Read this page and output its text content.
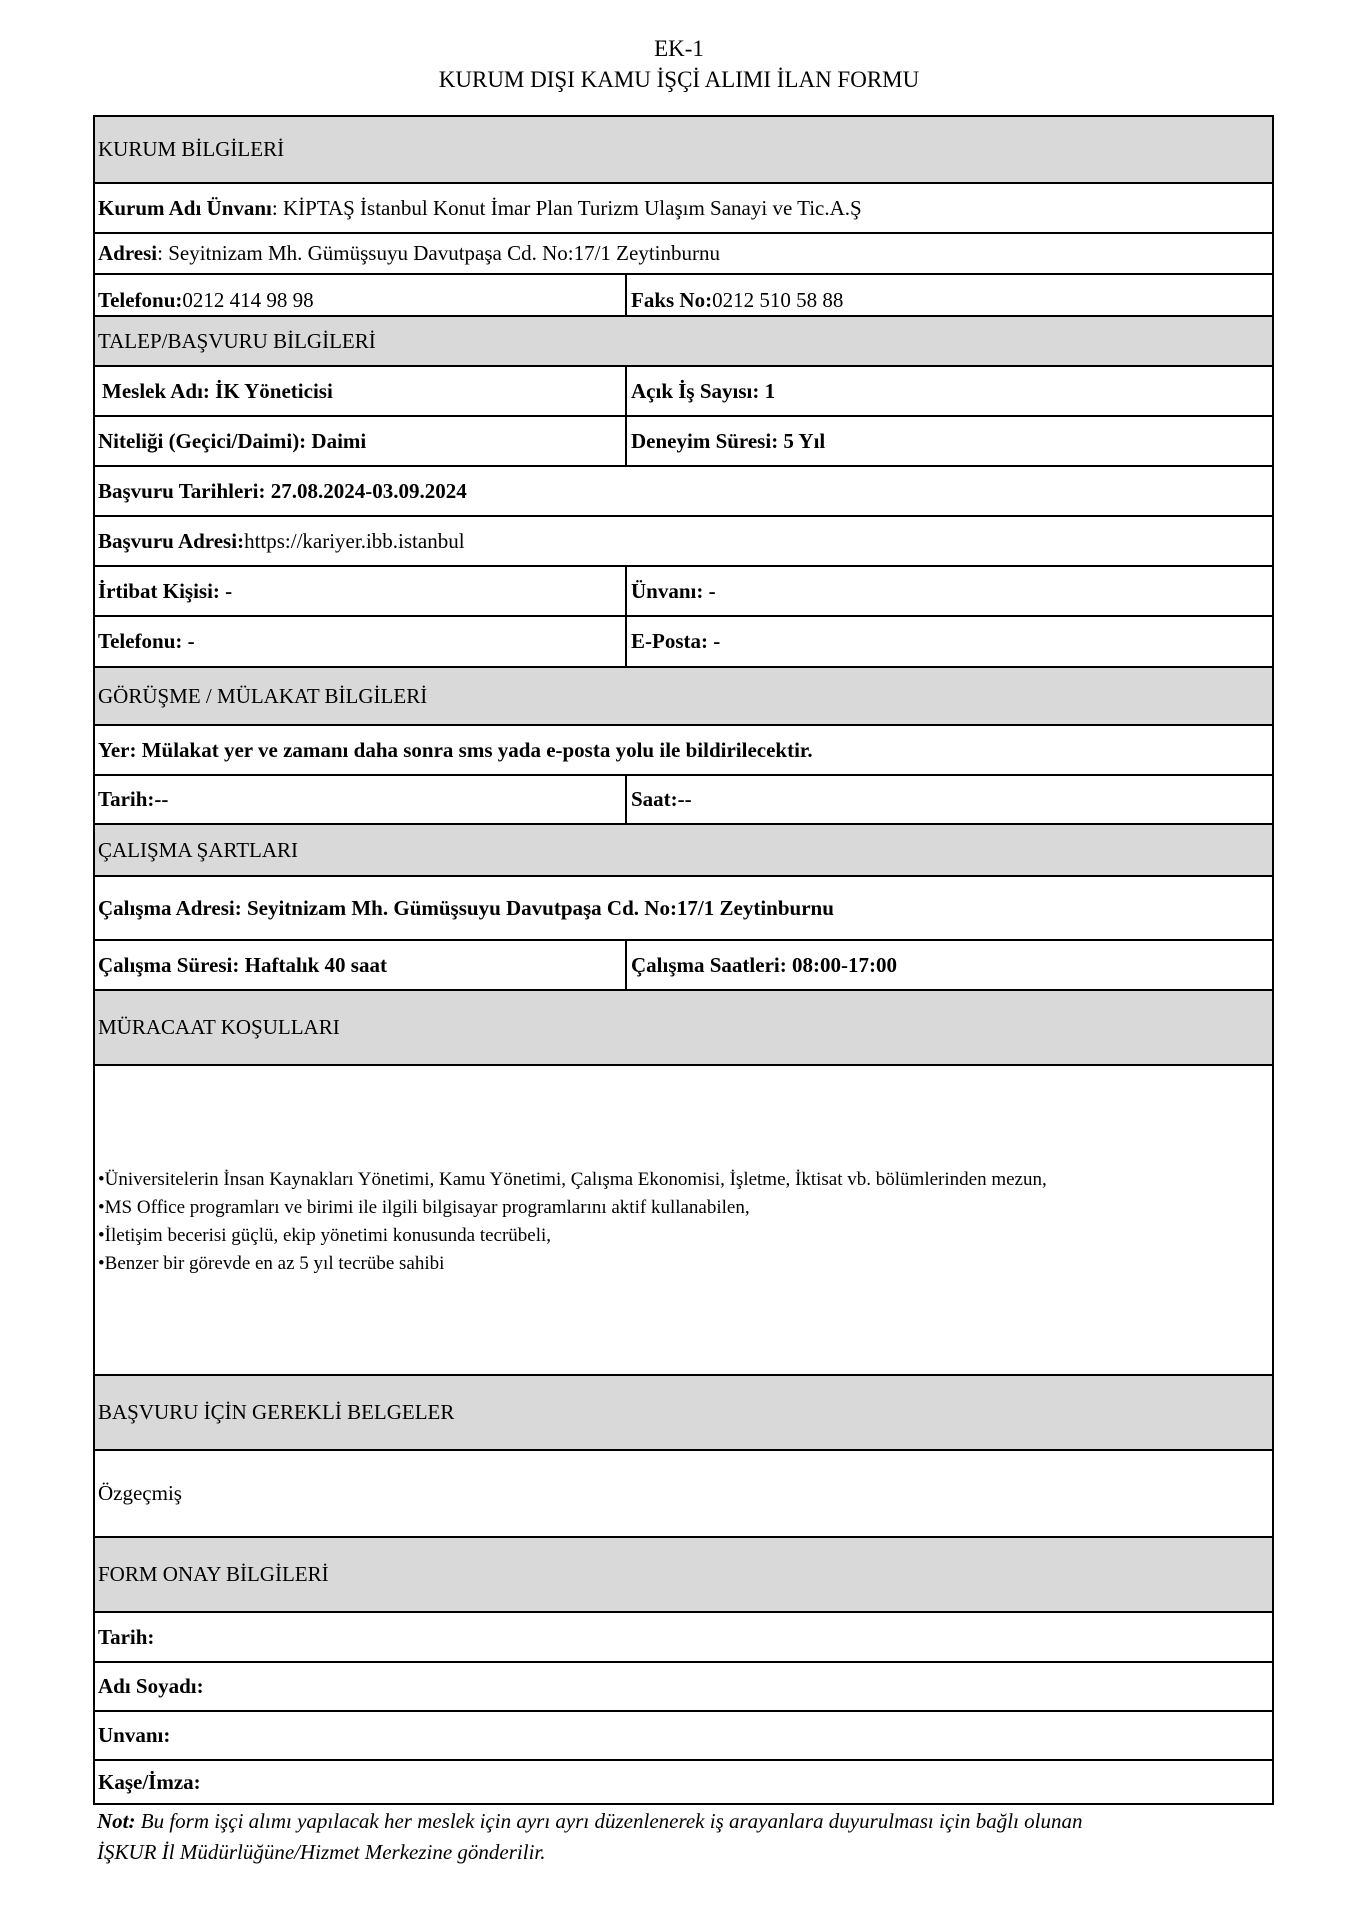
EK-1
KURUM DIŞI KAMU İŞÇİ ALIMI İLAN FORMU
KURUM BİLGİLERİ
Kurum Adı Ünvanı : KİPTAŞ İstanbul Konut İmar Plan Turizm Ulaşım Sanayi ve Tic.A.Ş
Adresi : Seyitnizam Mh. Gümüşsuyu Davutpaşa Cd. No:17/1 Zeytinburnu
Telefonu: 0212 414 98 98	Faks No: 0212 510 58 88
TALEP/BAŞVURU BİLGİLERİ
Meslek Adı: İK Yöneticisi	Açık İş Sayısı: 1
Niteliği (Geçici/Daimi): Daimi	Deneyim Süresi: 5 Yıl
Başvuru Tarihleri: 27.08.2024-03.09.2024
Başvuru Adresi: https://kariyer.ibb.istanbul
İrtibat Kişisi: -	Ünvanı : -
Telefonu : -	E-Posta: -
GÖRÜŞME / MÜLAKAT BİLGİLERİ
Yer: Mülakat yer ve zamanı daha sonra sms yada e-posta yolu ile bildirilecektir.
Tarih:--	Saat:--
ÇALIŞMA ŞARTLARI
Çalışma Adresi: Seyitnizam Mh. Gümüşsuyu Davutpaşa Cd. No:17/1 Zeytinburnu
Çalışma Süresi: Haftalık 40 saat	Çalışma Saatleri: 08:00-17:00
MÜRACAAT KOŞULLARI
•Üniversitelerin İnsan Kaynakları Yönetimi, Kamu Yönetimi, Çalışma Ekonomisi, İşletme, İktisat vb. bölümlerinden mezun,
•MS Office programları ve birimi ile ilgili bilgisayar programlarını aktif kullanabilen,
•İletişim becerisi güçlü, ekip yönetimi konusunda tecrübeli,
•Benzer bir görevde en az 5 yıl tecrübe sahibi
BAŞVURU İÇİN GEREKLİ BELGELER
Özgeçmiş
FORM ONAY BİLGİLERİ
Tarih:
Adı Soyadı:
Unvanı:
Kaşe/İmza:
Not: Bu form işçi alımı yapılacak her meslek için ayrı ayrı düzenlenerek iş arayanlara duyurulması için bağlı olunan
İŞKUR İl Müdürlüğüne/Hizmet Merkezine gönderilir.
